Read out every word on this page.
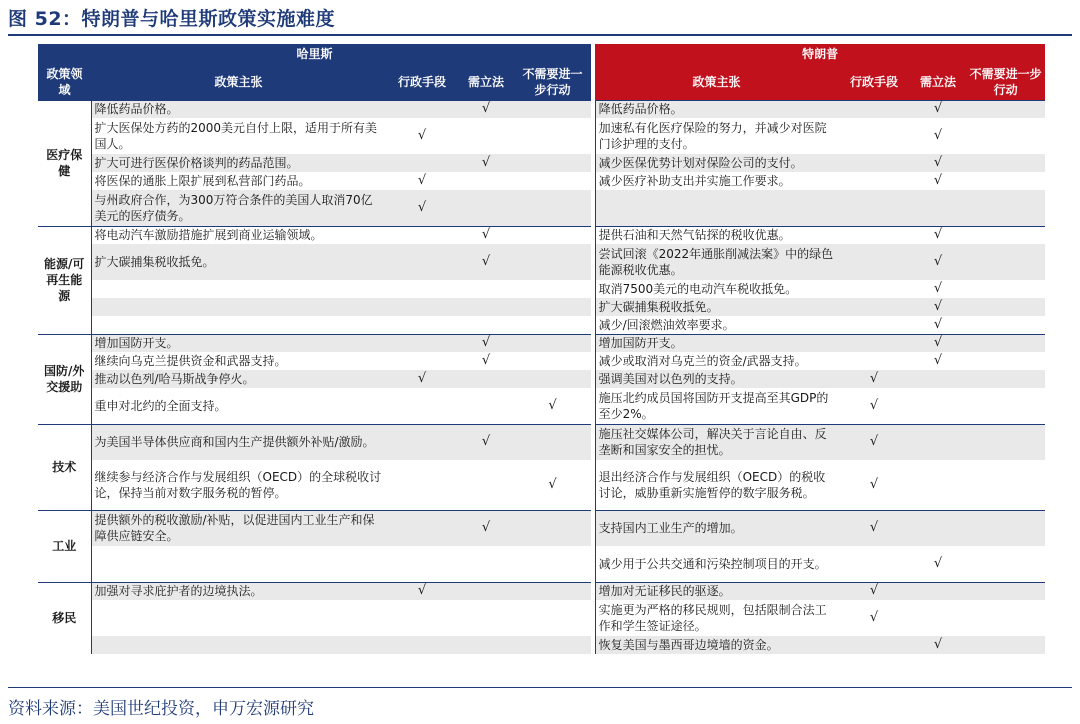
图 52：特朗普与哈里斯政策实施难度
哈里斯						特朗普			
政策领域	政策主张	行政手段	需立法	不需要进一步行动		政策主张	行政手段	需立法	不需要进一步行动
医疗保健	降低药品价格。		√			降低药品价格。		√	
	扩大医保处方药的2000美元自付上限，适用于所有美国人。	√				加速私有化医疗保险的努力，并减少对医院门诊护理的支付。		√	
	扩大可进行医保价格谈判的药品范围。		√			减少医保优势计划对保险公司的支付。		√	
	将医保的通胀上限扩展到私营部门药品。	√				减少医疗补助支出并实施工作要求。		√	
	与州政府合作，为300万符合条件的美国人取消70亿美元的医疗债务。	√							
能源/可再生能源	将电动汽车激励措施扩展到商业运输领域。		√			提供石油和天然气钻探的税收优惠。		√	
	扩大碳捕集税收抵免。		√			尝试回滚《2022年通胀削减法案》中的绿色能源税收优惠。		√	
						取消7500美元的电动汽车税收抵免。		√	
						扩大碳捕集税收抵免。		√	
						减少/回滚燃油效率要求。		√	
国防/外交援助	增加国防开支。		√			增加国防开支。		√	
	继续向乌克兰提供资金和武器支持。		√			减少或取消对乌克兰的资金/武器支持。		√	
	推动以色列/哈马斯战争停火。	√				强调美国对以色列的支持。	√		
	重申对北约的全面支持。			√		施压北约成员国将国防开支提高至其GDP的至少2%。	√		
技术	为美国半导体供应商和国内生产提供额外补贴/激励。		√			施压社交媒体公司，解决关于言论自由、反垄断和国家安全的担忧。	√		
	继续参与经济合作与发展组织（OECD）的全球税收讨论，保持当前对数字服务税的暂停。			√		退出经济合作与发展组织（OECD）的税收讨论，威胁重新实施暂停的数字服务税。	√		
工业	提供额外的税收激励/补贴，以促进国内工业生产和保障供应链安全。		√			支持国内工业生产的增加。	√		
						减少用于公共交通和污染控制项目的开支。		√	
移民	加强对寻求庇护者的边境执法。	√				增加对无证移民的驱逐。	√		
						实施更为严格的移民规则，包括限制合法工作和学生签证途径。	√		
						恢复美国与墨西哥边境墙的资金。		√	
资料来源：美国世纪投资，申万宏源研究
